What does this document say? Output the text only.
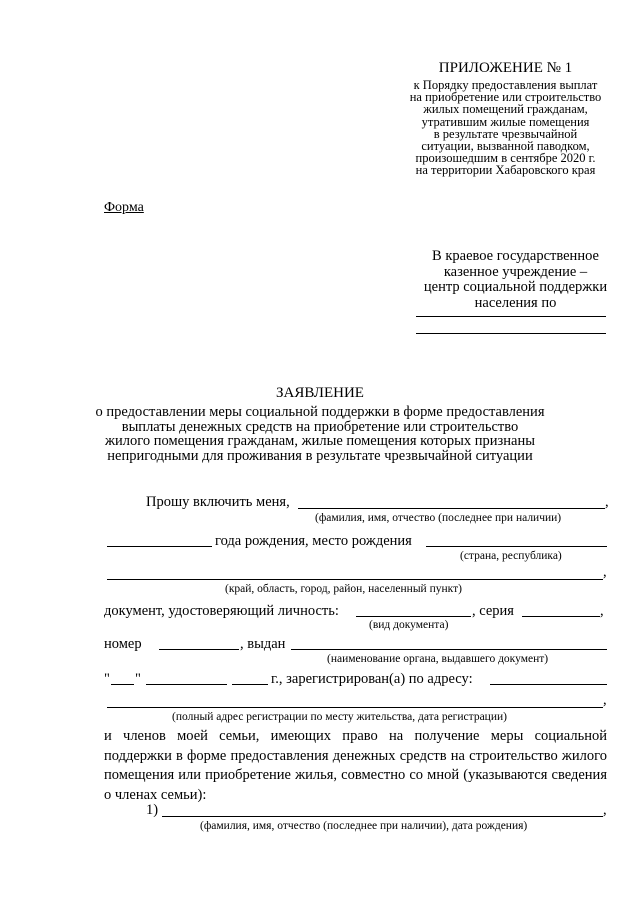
ПРИЛОЖЕНИЕ № 1
к Порядку предоставления выплат
на приобретение или строительство
жилых помещений гражданам,
утратившим жилые помещения
в результате чрезвычайной
ситуации, вызванной паводком,
произошедшим в сентябре 2020 г.
на территории Хабаровского края
Форма
В краевое государственное
казенное учреждение –
центр социальной поддержки
населения по
ЗАЯВЛЕНИЕ
о предоставлении меры социальной поддержки в форме предоставления
выплаты денежных средств на приобретение или строительство
жилого помещения гражданам, жилые помещения которых признаны
непригодными для проживания в результате чрезвычайной ситуации
Прошу включить меня,	,
(фамилия, имя, отчество (последнее при наличии)
года рождения, место рождения
(страна, республика)
,
(край, область, город, район, населенный пункт)
документ, удостоверяющий личность:	, серия	,
(вид документа)
номер	, выдан
(наименование органа, выдавшего документ)
" "	г., зарегистрирован(а) по адресу:
,
(полный адрес регистрации по месту жительства, дата регистрации)
и членов моей семьи, имеющих право на получение меры социальной поддержки в форме предоставления денежных средств на строительство жилого помещения или приобретение жилья, совместно со мной (указываются сведения о членах семьи):
1)	,
(фамилия, имя, отчество (последнее при наличии), дата рождения)
